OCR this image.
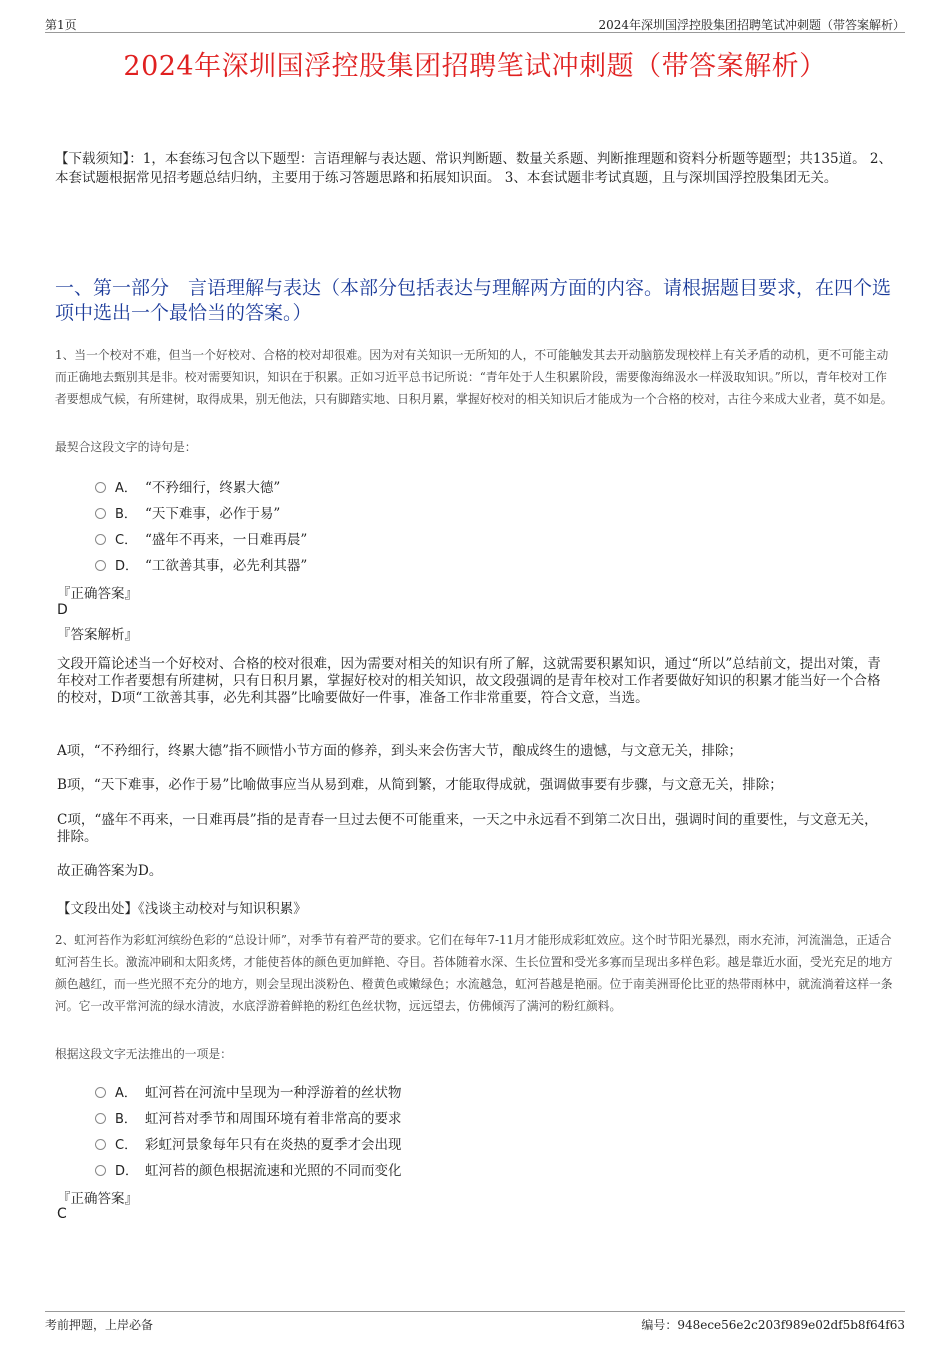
第1页	2024年深圳国浮控股集团招聘笔试冲刺题（带答案解析）
2024年深圳国浮控股集团招聘笔试冲刺题（带答案解析）
【下载须知】：1，本套练习包含以下题型：言语理解与表达题、常识判断题、数量关系题、判断推理题和资料分析题等题型；共135道。 2、本套试题根据常见招考题总结归纳，主要用于练习答题思路和拓展知识面。 3、本套试题非考试真题，且与深圳国浮控股集团无关。
一、第一部分　言语理解与表达（本部分包括表达与理解两方面的内容。请根据题目要求，在四个选项中选出一个最恰当的答案。）
1、当一个校对不难，但当一个好校对、合格的校对却很难。因为对有关知识一无所知的人，不可能触发其去开动脑筋发现校样上有关矛盾的动机，更不可能主动而正确地去甄别其是非。校对需要知识，知识在于积累。正如习近平总书记所说：“青年处于人生积累阶段，需要像海绵汲水一样汲取知识。”所以，青年校对工作者要想成气候，有所建树，取得成果，别无他法，只有脚踏实地、日积月累，掌握好校对的相关知识后才能成为一个合格的校对，古往今来成大业者，莫不如是。
最契合这段文字的诗句是：
A． “不矜细行，终累大德”
B． “天下难事，必作于易”
C． “盛年不再来，一日难再晨”
D． “工欲善其事，必先利其器”
『正确答案』
D
『答案解析』
文段开篇论述当一个好校对、合格的校对很难，因为需要对相关的知识有所了解，这就需要积累知识，通过“所以”总结前文，提出对策，青年校对工作者要想有所建树，只有日积月累，掌握好校对的相关知识，故文段强调的是青年校对工作者要做好知识的积累才能当好一个合格的校对，D项“工欲善其事，必先利其器”比喻要做好一件事，准备工作非常重要，符合文意，当选。
A项，“不矜细行，终累大德”指不顾惜小节方面的修养，到头来会伤害大节，酿成终生的遗憾，与文意无关，排除；
B项，“天下难事，必作于易”比喻做事应当从易到难，从简到繁，才能取得成就，强调做事要有步骤，与文意无关，排除；
C项，“盛年不再来，一日难再晨”指的是青春一旦过去便不可能重来，一天之中永远看不到第二次日出，强调时间的重要性，与文意无关，排除。
故正确答案为D。
【文段出处】《浅谈主动校对与知识积累》
2、虹河苔作为彩虹河缤纷色彩的“总设计师”，对季节有着严苛的要求。它们在每年7-11月才能形成彩虹效应。这个时节阳光暴烈，雨水充沛，河流湍急，正适合虹河苔生长。激流冲刷和太阳炙烤，才能使苔体的颜色更加鲜艳、夺目。苔体随着水深、生长位置和受光多寡而呈现出多样色彩。越是靠近水面，受光充足的地方颜色越红，而一些光照不充分的地方，则会呈现出淡粉色、橙黄色或嫩绿色；水流越急，虹河苔越是艳丽。位于南美洲哥伦比亚的热带雨林中，就流淌着这样一条河。它一改平常河流的绿水清波，水底浮游着鲜艳的粉红色丝状物，远远望去，仿佛倾泻了满河的粉红颜料。
根据这段文字无法推出的一项是：
A． 虹河苔在河流中呈现为一种浮游着的丝状物
B． 虹河苔对季节和周围环境有着非常高的要求
C． 彩虹河景象每年只有在炎热的夏季才会出现
D． 虹河苔的颜色根据流速和光照的不同而变化
『正确答案』
C
考前押题，上岸必备	编号：948ece56e2c203f989e02df5b8f64f63
